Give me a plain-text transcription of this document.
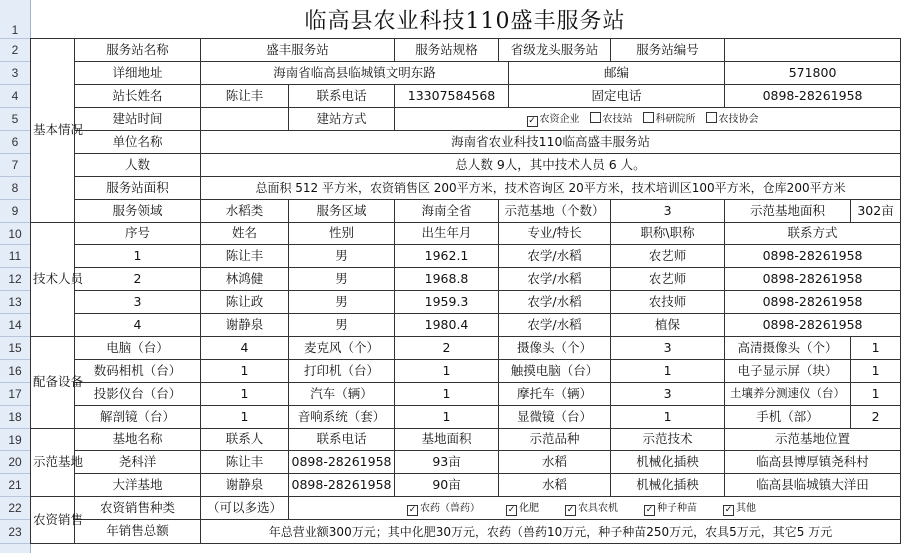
1
2
3
4
5
6
7
8
9
10
11
12
13
14
15
16
17
18
19
20
21
22
23
临高县农业科技110盛丰服务站
基本情况	服务站名称	盛丰服务站		服务站规格	省级龙头服务站		服务站编号		
	详细地址	海南省临高县临城镇文明东路				邮编		571800	
	站长姓名	陈让丰	联系电话	13307584568		固定电话		0898-28261958	
	建站时间		建站方式	✓ 农资企业 农技站 科研院所 农技协会					
	单位名称	海南省农业科技110临高盛丰服务站							
	人数	总人数 9人，其中技术人员 6 人。							
	服务站面积	总面积 512 平方米，农资销售区 200平方米，技术咨询区 20平方米，技术培训区100平方米，仓库200平方米							
	服务领域	水稻类	服务区域	海南全省	示范基地（个数）		3	示范基地面积	302亩
技术人员	序号	姓名	性别	出生年月	专业/特长		职称\职称	联系方式	
	1	陈让丰	男	1962.1	农学/水稻		农艺师	0898-28261958	
	2	林鸿健	男	1968.8	农学/水稻		农艺师	0898-28261958	
	3	陈让政	男	1959.3	农学/水稻		农技师	0898-28261958	
	4	谢静泉	男	1980.4	农学/水稻		植保	0898-28261958	
配备设备	电脑（台）	4	麦克风（个）	2	摄像头（个）		3	高清摄像头（个）	1
	数码相机（台）	1	打印机（台）	1	触摸电脑（台）		1	电子显示屏（块）	1
	投影仪台（台）	1	汽车（辆）	1	摩托车（辆）		3	土壤养分测速仪（台）	1
	解剖镜（台）	1	音响系统（套）	1	显微镜（台）		1	手机（部）	2
示范基地	基地名称	联系人	联系电话	基地面积	示范品种		示范技术	示范基地位置	
	尧科洋	陈让丰	0898-28261958	93亩	水稻		机械化插秧	临高县博厚镇尧科村	
	大洋基地	谢静泉	0898-28261958	90亩	水稻		机械化插秧	临高县临城镇大洋田	
农资销售	农资销售种类	（可以多选）	✓ 农药（兽药） ✓ 化肥 ✓ 农具农机 ✓ 种子种苗 ✓ 其他						
	年销售总额	年总营业额300万元；其中化肥30万元，农药（兽药10万元，种子种苗250万元，农具5万元，其它5 万元							
